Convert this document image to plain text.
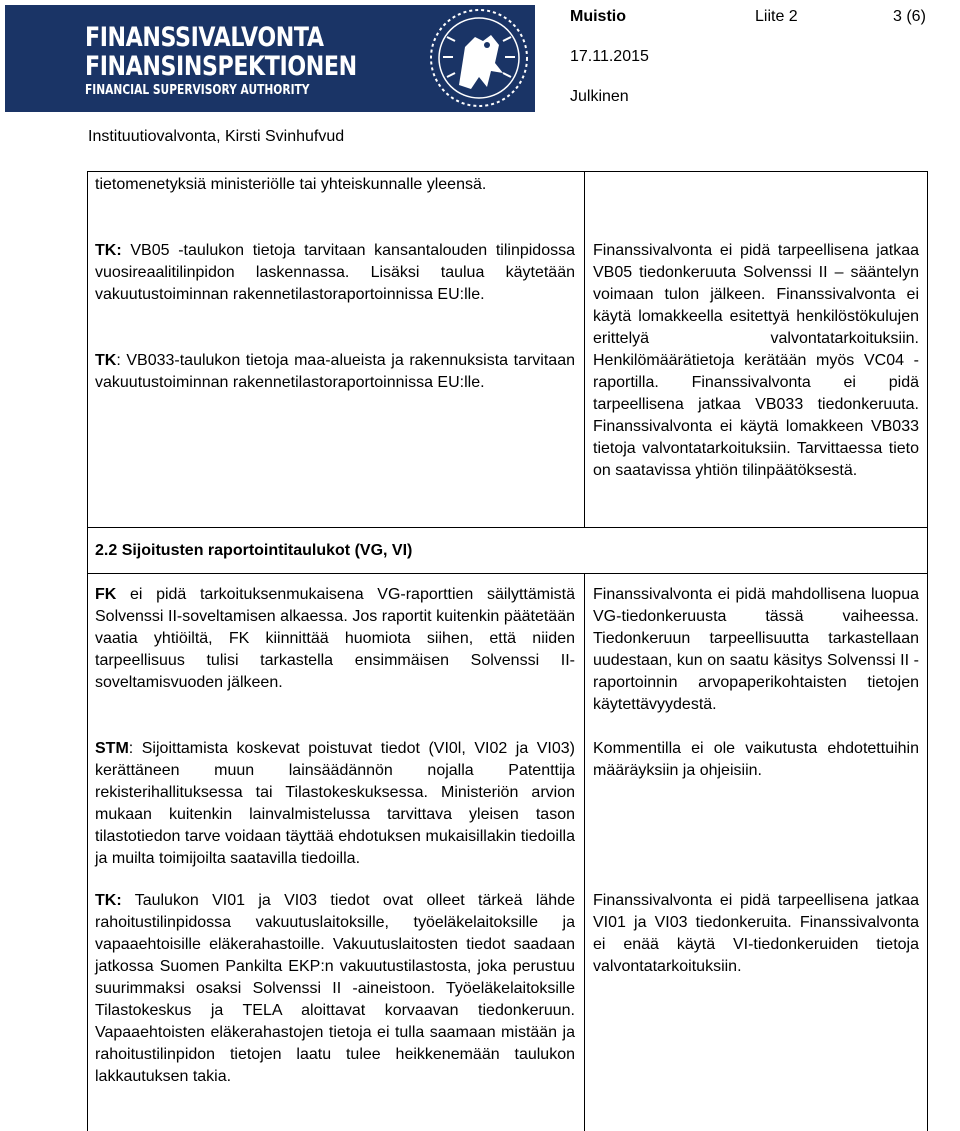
FINANSSIVALVONTA
FINANSINSPEKTIONEN
FINANCIAL SUPERVISORY AUTHORITY
Muistio	Liite 2	3 (6)
17.11.2015
Julkinen
Instituutiovalvonta, Kirsti Svinhufvud

tietomenetyksiä ministeriölle tai yhteiskunnalle yleensä.

TK: VB05 -taulukon tietoja tarvitaan kansantalouden tilinpidossa vuosireaalitilinpidon laskennassa. Lisäksi taulua käytetään vakuutustoiminnan rakennetilastoraportoinnissa EU:lle.

TK: VB033-taulukon tietoja maa-alueista ja rakennuksista tarvitaan vakuutustoiminnan rakennetilastoraportoinnissa EU:lle.

Finanssivalvonta ei pidä tarpeellisena jatkaa VB05 tiedonkeruuta Solvenssi II – sääntelyn voimaan tulon jälkeen. Finanssivalvonta ei käytä lomakkeella esitettyä henkilöstökulujen erittelyä valvontatarkoituksiin. Henkilömäärätietoja kerätään myös VC04 -raportilla. Finanssivalvonta ei pidä tarpeellisena jatkaa VB033 tiedonkeruuta. Finanssivalvonta ei käytä lomakkeen VB033 tietoja valvontatarkoituksiin. Tarvittaessa tieto on saatavissa yhtiön tilinpäätöksestä.

2.2 Sijoitusten raportointitaulukot (VG, VI)

FK ei pidä tarkoituksenmukaisena VG-raporttien säilyttämistä Solvenssi II-soveltamisen alkaessa. Jos raportit kuitenkin päätetään vaatia yhtiöiltä, FK kiinnittää huomiota siihen, että niiden tarpeellisuus tulisi tarkastella ensimmäisen Solvenssi II-soveltamisvuoden jälkeen.

Finanssivalvonta ei pidä mahdollisena luopua VG-tiedonkeruusta tässä vaiheessa. Tiedonkeruun tarpeellisuutta tarkastellaan uudestaan, kun on saatu käsitys Solvenssi II - raportoinnin arvopaperikohtaisten tietojen käytettävyydestä.

STM: Sijoittamista koskevat poistuvat tiedot (VI0l, VI02 ja VI03) kerättäneen muun lainsäädännön nojalla Patenttija rekisterihallituksessa tai Tilastokeskuksessa. Ministeriön arvion mukaan kuitenkin lainvalmistelussa tarvittava yleisen tason tilastotiedon tarve voidaan täyttää ehdotuksen mukaisillakin tiedoilla ja muilta toimijoilta saatavilla tiedoilla.

Kommentilla ei ole vaikutusta ehdotettuihin määräyksiin ja ohjeisiin.

TK: Taulukon VI01 ja VI03 tiedot ovat olleet tärkeä lähde rahoitustilinpidossa vakuutuslaitoksille, työeläkelaitoksille ja vapaaehtoisille eläkerahastoille. Vakuutuslaitosten tiedot saadaan jatkossa Suomen Pankilta EKP:n vakuutustilastosta, joka perustuu suurimmaksi osaksi Solvenssi II -aineistoon. Työeläkelaitoksille Tilastokeskus ja TELA aloittavat korvaavan tiedonkeruun. Vapaaehtoisten eläkerahastojen tietoja ei tulla saamaan mistään ja rahoitustilinpidon tietojen laatu tulee heikkenemään taulukon lakkautuksen takia.

Finanssivalvonta ei pidä tarpeellisena jatkaa VI01 ja VI03 tiedonkeruita. Finanssivalvonta ei enää käytä VI-tiedonkeruiden tietoja valvontatarkoituksiin.
